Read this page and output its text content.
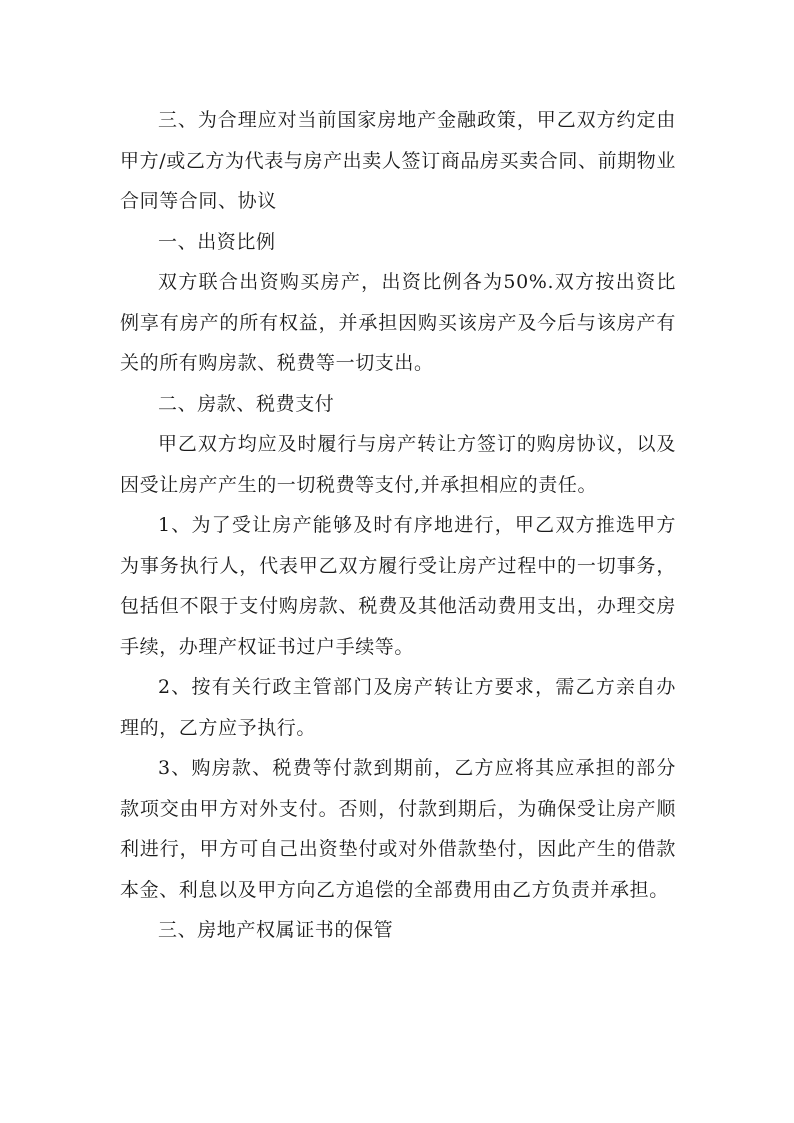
三、为合理应对当前国家房地产金融政策，甲乙双方约定由甲方/或乙方为代表与房产出卖人签订商品房买卖合同、前期物业合同等合同、协议

一、出资比例

双方联合出资购买房产，出资比例各为50%.双方按出资比例享有房产的所有权益，并承担因购买该房产及今后与该房产有关的所有购房款、税费等一切支出。

二、房款、税费支付

甲乙双方均应及时履行与房产转让方签订的购房协议，以及因受让房产产生的一切税费等支付,并承担相应的责任。

1、为了受让房产能够及时有序地进行，甲乙双方推选甲方为事务执行人，代表甲乙双方履行受让房产过程中的一切事务，包括但不限于支付购房款、税费及其他活动费用支出，办理交房手续，办理产权证书过户手续等。

2、按有关行政主管部门及房产转让方要求，需乙方亲自办理的，乙方应予执行。

3、购房款、税费等付款到期前，乙方应将其应承担的部分款项交由甲方对外支付。否则，付款到期后，为确保受让房产顺利进行，甲方可自己出资垫付或对外借款垫付，因此产生的借款本金、利息以及甲方向乙方追偿的全部费用由乙方负责并承担。

三、房地产权属证书的保管
